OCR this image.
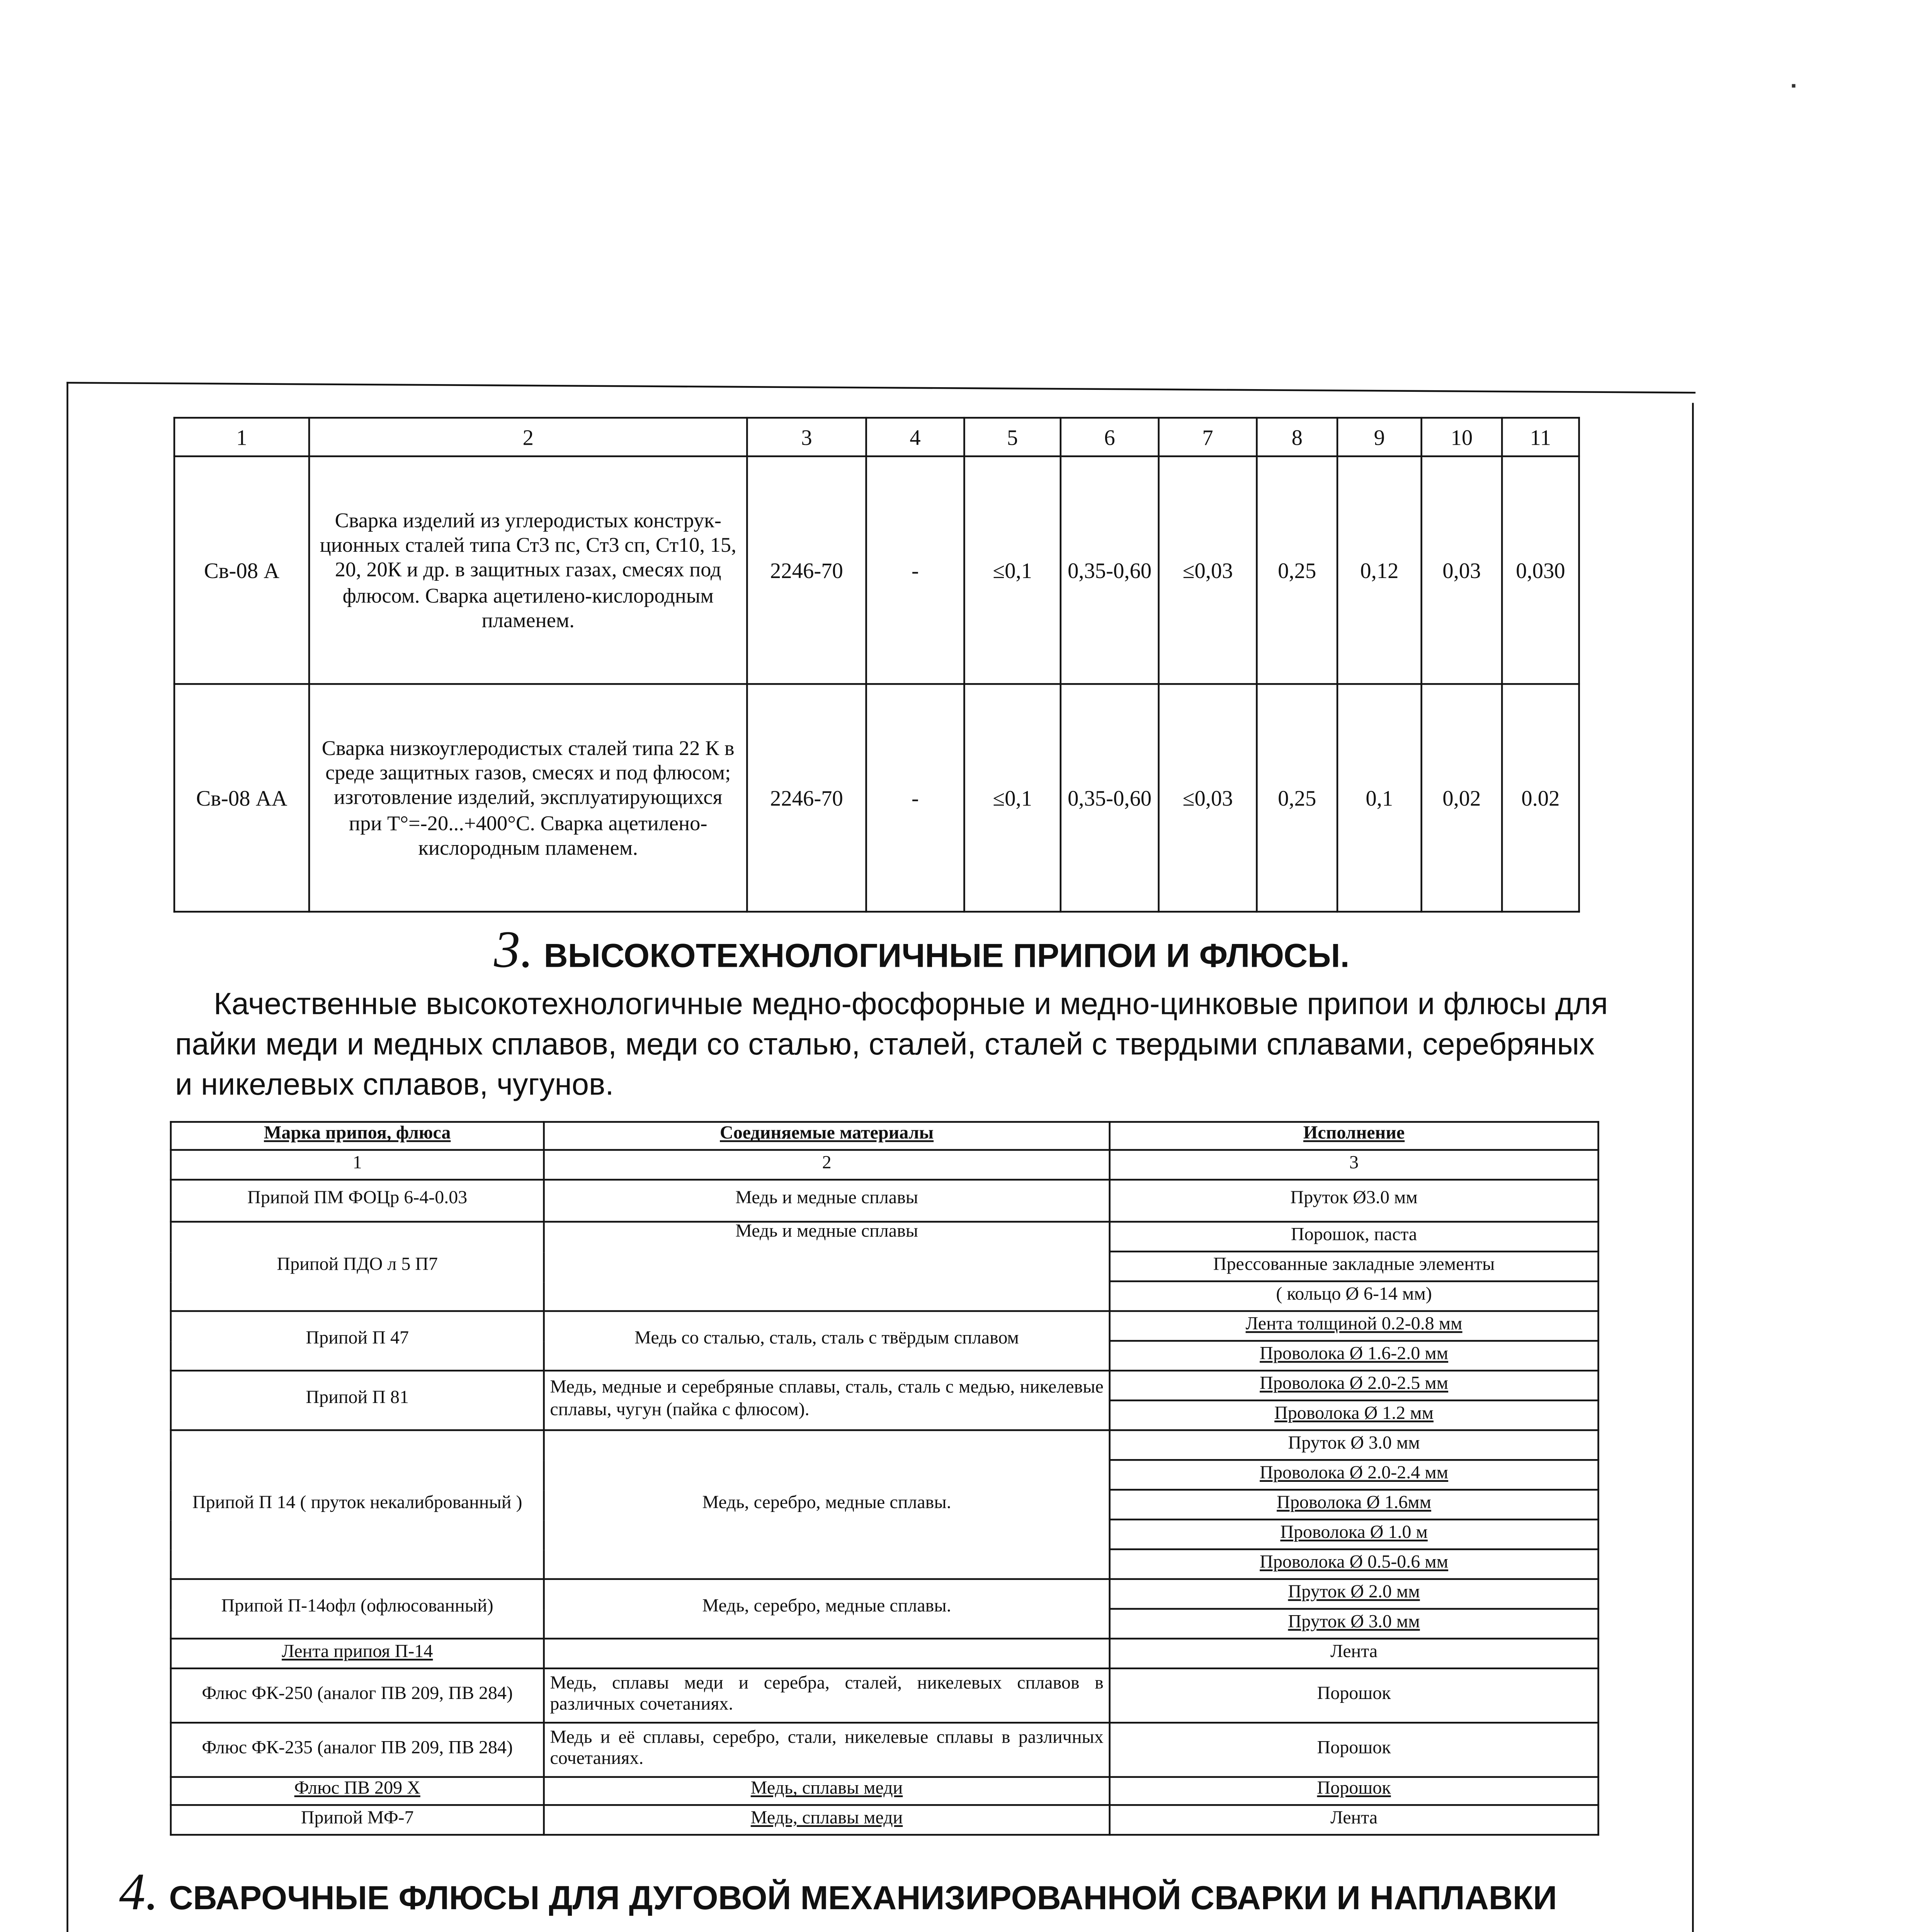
1	2	3	4	5	6	7	8	9	10	11
Св-08 А	Сварка изделий из углеродистых конструк-ционных сталей типа Ст3 пс, Ст3 сп, Ст10, 15, 20, 20К и др. в защитных газах, смесях под флюсом. Сварка ацетилено-кислородным пламенем.	2246-70	-	≤0,1	0,35-0,60	≤0,03	0,25	0,12	0,03	0,030
Св-08 АА	Сварка низкоуглеродистых сталей типа 22 К в среде защитных газов, смесях и под флюсом; изготовление изделий, эксплуатирующихся при T°=-20...+400°C. Сварка ацетилено-кислородным пламенем.	2246-70	-	≤0,1	0,35-0,60	≤0,03	0,25	0,1	0,02	0.02
3. ВЫСОКОТЕХНОЛОГИЧНЫЕ ПРИПОИ И ФЛЮСЫ.
Качественные высокотехнологичные медно-фосфорные и медно-цинковые припои и флюсы для пайки меди и медных сплавов, меди со сталью, сталей, сталей с твердыми сплавами, серебряных и никелевых сплавов, чугунов.
Марка припоя, флюса	Соединяемые материалы	Исполнение
1	2	3
Припой ПМ ФОЦр 6-4-0.03	Медь и медные сплавы	Пруток Ø3.0 мм
Припой ПДО л 5 П7	Медь и медные сплавы	Порошок, паста
		Прессованные закладные элементы
		( кольцо Ø 6-14 мм)
Припой П 47	Медь со сталью, сталь, сталь с твёрдым сплавом	Лента толщиной 0.2-0.8 мм
		Проволока Ø 1.6-2.0 мм
Припой П 81	Медь, медные и серебряные сплавы, сталь, сталь с медью, никелевые сплавы, чугун (пайка с флюсом).	Проволока Ø 2.0-2.5 мм
		Проволока Ø 1.2 мм
Припой П 14 ( пруток некалиброванный )	Медь, серебро, медные сплавы.	Пруток Ø 3.0 мм
		Проволока Ø 2.0-2.4 мм
		Проволока Ø 1.6мм
		Проволока Ø 1.0 м
		Проволока Ø 0.5-0.6 мм
Припой П-14офл (офлюсованный)	Медь, серебро, медные сплавы.	Пруток Ø 2.0 мм
		Пруток Ø 3.0 мм
Лента припоя П-14		Лента
Флюс ФК-250 (аналог ПВ 209, ПВ 284)	Медь, сплавы меди и серебра, сталей, никелевых сплавов в различных сочетаниях.	Порошок
Флюс ФК-235 (аналог ПВ 209, ПВ 284)	Медь и её сплавы, серебро, стали, никелевые сплавы в различных сочетаниях.	Порошок
Флюс ПВ 209 Х	Медь, сплавы меди	Порошок
Припой МФ-7	Медь, сплавы меди	Лента
4. СВАРОЧНЫЕ ФЛЮСЫ ДЛЯ ДУГОВОЙ МЕХАНИЗИРОВАННОЙ СВАРКИ И НАПЛАВКИ
